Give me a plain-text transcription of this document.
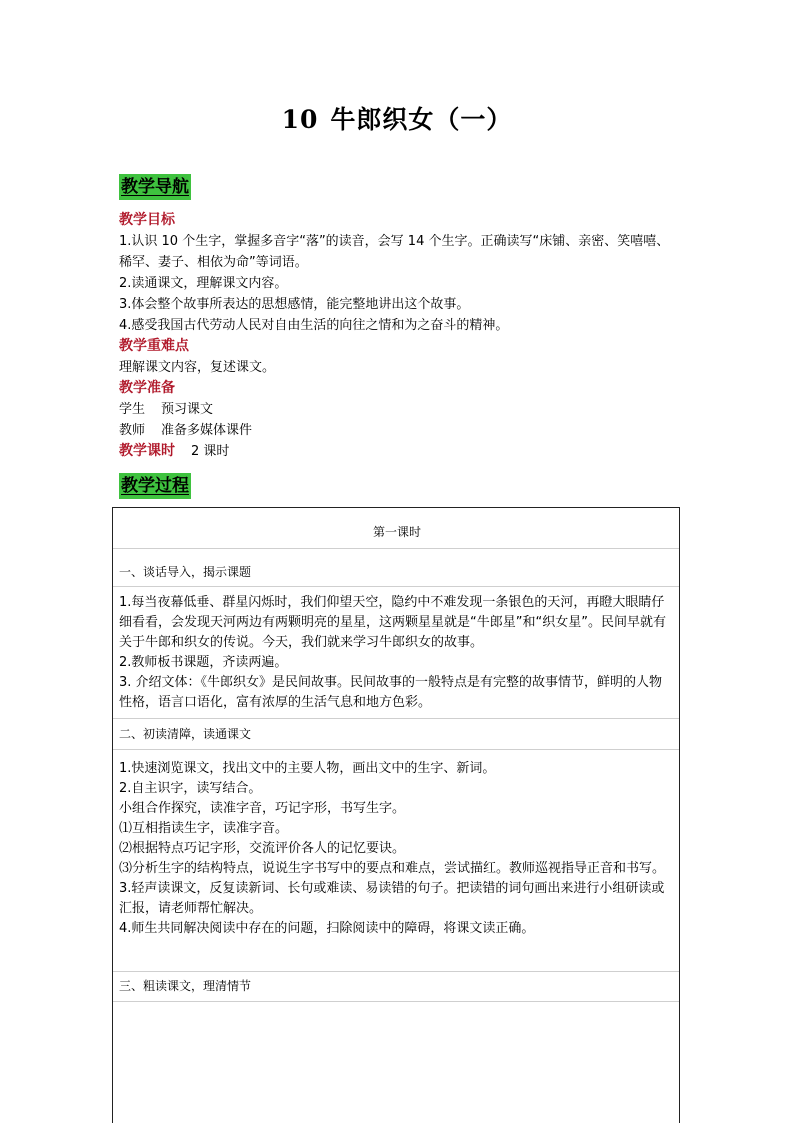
10 牛郎织女（一）
教学导航
教学目标
1.认识 10 个生字，掌握多音字“落”的读音，会写 14 个生字。正确读写“床铺、亲密、笑嘻嘻、稀罕、妻子、相依为命”等词语。
2.读通课文，理解课文内容。
3.体会整个故事所表达的思想感情，能完整地讲出这个故事。
4.感受我国古代劳动人民对自由生活的向往之情和为之奋斗的精神。
教学重难点
理解课文内容，复述课文。
教学准备
学生 预习课文
教师 准备多媒体课件
教学课时 2 课时
教学过程
第一课时
一、谈话导入，揭示课题
1.每当夜幕低垂、群星闪烁时，我们仰望天空，隐约中不难发现一条银色的天河，再瞪大眼睛仔细看看，会发现天河两边有两颗明亮的星星，这两颗星星就是“牛郎星”和“织女星”。民间早就有关于牛郎和织女的传说。今天，我们就来学习牛郎织女的故事。
2.教师板书课题，齐读两遍。
3. 介绍文体：《牛郎织女》是民间故事。民间故事的一般特点是有完整的故事情节，鲜明的人物性格，语言口语化，富有浓厚的生活气息和地方色彩。
二、初读清障，读通课文
1.快速浏览课文，找出文中的主要人物，画出文中的生字、新词。
2.自主识字，读写结合。
小组合作探究，读准字音，巧记字形，书写生字。
⑴互相指读生字，读准字音。
⑵根据特点巧记字形，交流评价各人的记忆要诀。
⑶分析生字的结构特点，说说生字书写中的要点和难点，尝试描红。教师巡视指导正音和书写。
3.轻声读课文，反复读新词、长句或难读、易读错的句子。把读错的词句画出来进行小组研读或汇报，请老师帮忙解决。
4.师生共同解决阅读中存在的问题，扫除阅读中的障碍，将课文读正确。
三、粗读课文，理清情节
